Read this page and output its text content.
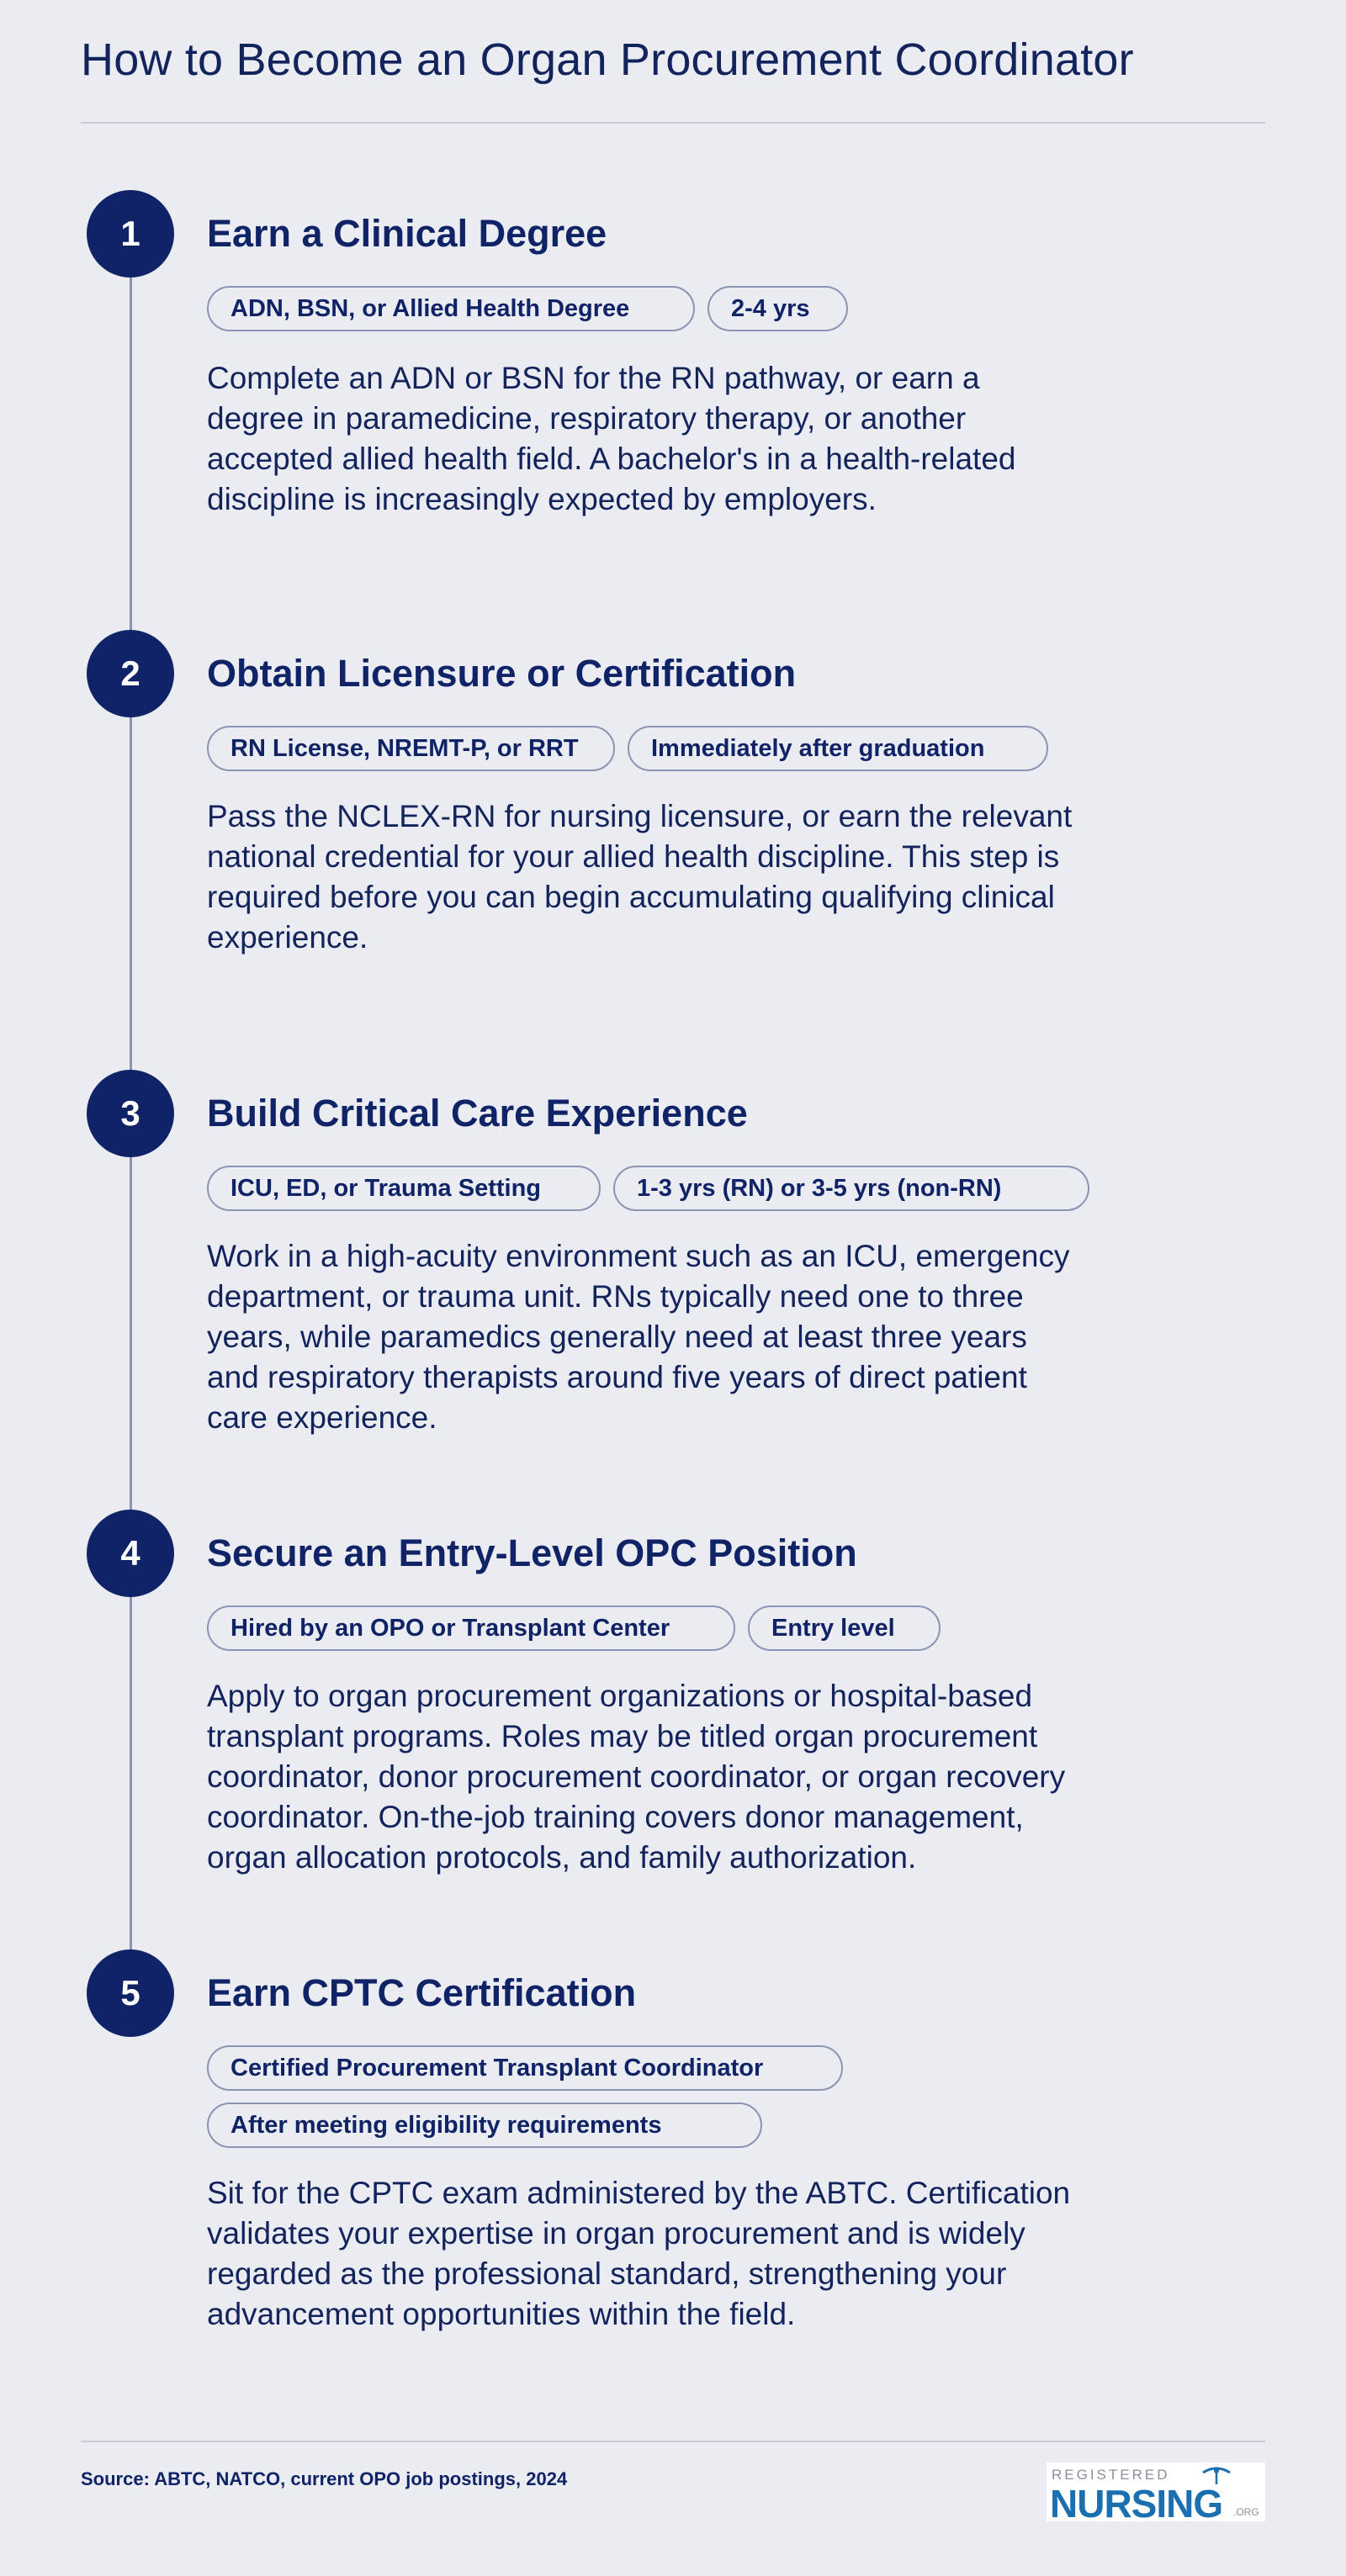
How to Become an Organ Procurement Coordinator
1	Earn a Clinical Degree
ADN, BSN, or Allied Health Degree	2-4 yrs

Complete an ADN or BSN for the RN pathway, or earn a degree in paramedicine, respiratory therapy, or another accepted allied health field. A bachelor's in a health-related discipline is increasingly expected by employers.

2	Obtain Licensure or Certification
RN License, NREMT-P, or RRT	Immediately after graduation

Pass the NCLEX-RN for nursing licensure, or earn the relevant national credential for your allied health discipline. This step is required before you can begin accumulating qualifying clinical experience.

3	Build Critical Care Experience
ICU, ED, or Trauma Setting	1-3 yrs (RN) or 3-5 yrs (non-RN)

Work in a high-acuity environment such as an ICU, emergency department, or trauma unit. RNs typically need one to three years, while paramedics generally need at least three years and respiratory therapists around five years of direct patient care experience.

4	Secure an Entry-Level OPC Position
Hired by an OPO or Transplant Center	Entry level

Apply to organ procurement organizations or hospital-based transplant programs. Roles may be titled organ procurement coordinator, donor procurement coordinator, or organ recovery coordinator. On-the-job training covers donor management, organ allocation protocols, and family authorization.

5	Earn CPTC Certification
Certified Procurement Transplant Coordinator
After meeting eligibility requirements

Sit for the CPTC exam administered by the ABTC. Certification validates your expertise in organ procurement and is widely regarded as the professional standard, strengthening your advancement opportunities within the field.

Source: ABTC, NATCO, current OPO job postings, 2024	REGISTERED
NURSING .ORG
